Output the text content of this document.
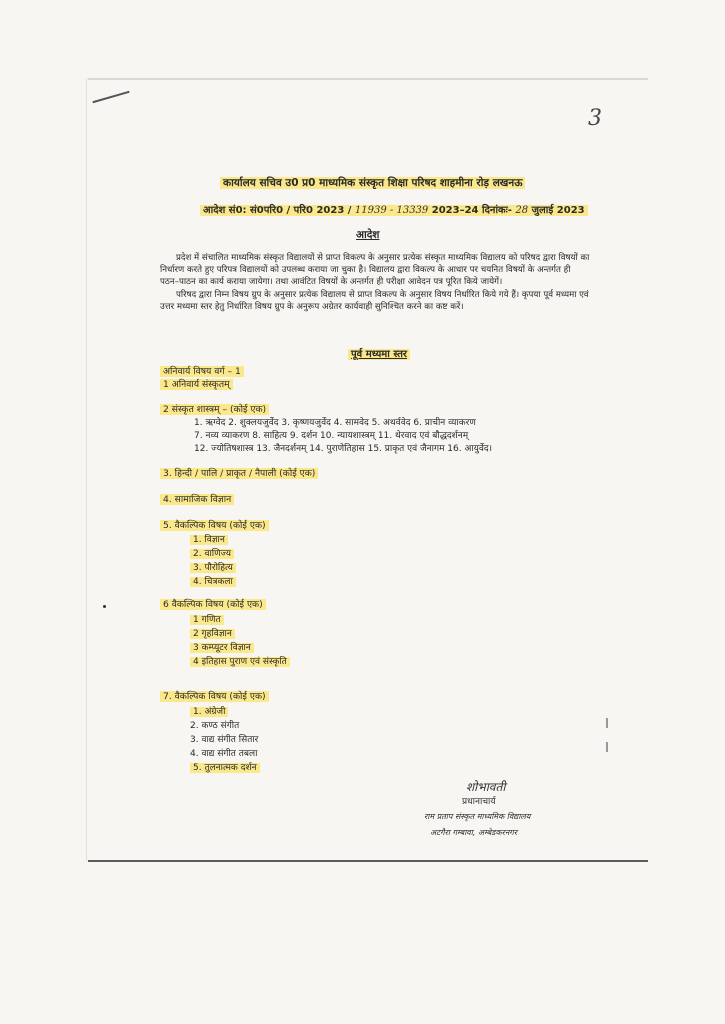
3
कार्यालय सचिव उ0 प्र0 माध्यमिक संस्कृत शिक्षा परिषद शाहमीना रोड़ लखनऊ
आदेश सं0: सं0परि0 / परि0 2023 / 11939 - 13339 2023–24 दिनांकः- 28 जुलाई 2023
आदेश

प्रदेश में संचालित माध्यमिक संस्कृत विद्यालयों से प्राप्त विकल्प के अनुसार प्रत्येक संस्कृत माध्यमिक विद्यालय को परिषद द्वारा विषयों का निर्धारण करते हुए परिपत्र विद्यालयों को उपलब्ध कराया जा चुका है। विद्यालय द्वारा विकल्प के आधार पर चयनित विषयों के अन्तर्गत ही पठन–पाठन का कार्य कराया जायेगा। तथा आवंटित विषयों के अन्तर्गत ही परीक्षा आवेदन पत्र पूरित किये जायेगें।

परिषद द्वारा निम्न विषय ग्रुप के अनुसार प्रत्येक विद्यालय से प्राप्त विकल्प के अनुसार विषय निर्धारित किये गये हैं। कृपया पूर्व मध्यमा एवं उत्तर मध्यमा स्तर हेतु निर्धारित विषय ग्रुप के अनुरूप अग्रेतर कार्यवाही सुनिश्चित करने का कष्ट करें।

पूर्व मध्यमा स्तर
अनिवार्य विषय वर्ग – 1
1 अनिवार्य संस्कृतम्
2 संस्कृत शास्त्रम् – (कोई एक)
1. ऋग्वेद 2. शुक्लयजुर्वेद 3. कृष्णयजुर्वेद 4. सामवेद 5. अथर्ववेद 6. प्राचीन व्याकरण
7. नव्य व्याकरण 8. साहित्य 9. दर्शन 10. न्यायशास्त्रम् 11. थेरवाद एवं बौद्धदर्शनम्
12. ज्योतिषशास्त्र 13. जैनदर्शनम् 14. पुराणेतिहास 15. प्राकृत एवं जैनागम 16. आयुर्वेद।
3. हिन्दी / पालि / प्राकृत / नैपाली (कोई एक)
4. सामाजिक विज्ञान
5. वैकल्पिक विषय (कोई एक)
1. विज्ञान
2. वाणिज्य
3. पौरोहित्य
4. चित्रकला
6 वैकल्पिक विषय (कोई एक)
1 गणित
2 गृहविज्ञान
3 कम्प्यूटर विज्ञान
4 इतिहास पुराण एवं संस्कृति
7. वैकल्पिक विषय (कोई एक)
1. अंग्रेजी
2. कण्ठ संगीत
3. वाद्य संगीत सितार
4. वाद्य संगीत तबला
5. तुलनात्मक दर्शन
शोभावती
प्रधानाचार्य
राम प्रताप संस्कृत माध्यमिक विद्यालय
अटगैरा गम्बावा, अम्बेडकरनगर
